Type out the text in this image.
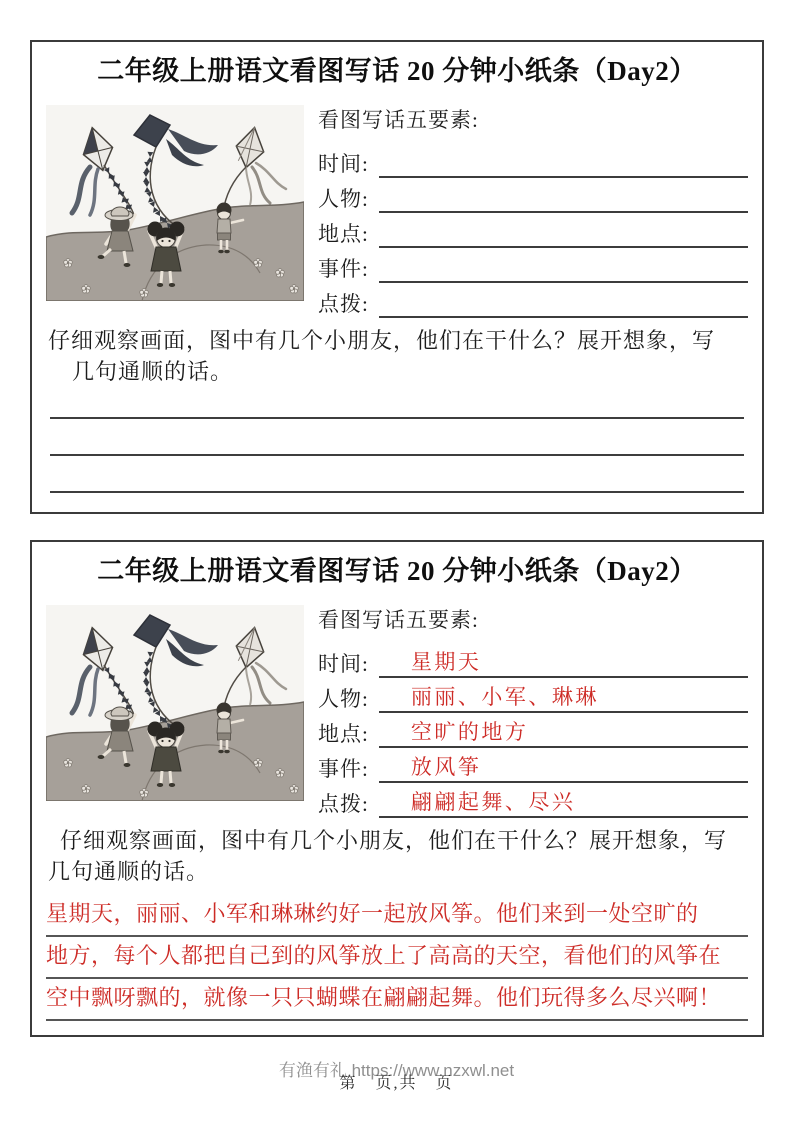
二年级上册语文看图写话 20 分钟小纸条（Day2）
看图写话五要素:
时间:
人物:
地点:
事件:
点拨:
仔细观察画面，图中有几个小朋友，他们在干什么？展开想象，写
几句通顺的话。
二年级上册语文看图写话 20 分钟小纸条（Day2）
看图写话五要素:
时间:	星期天
人物:	丽丽、小军、琳琳
地点:	空旷的地方
事件:	放风筝
点拨:	翩翩起舞、尽兴
仔细观察画面，图中有几个小朋友，他们在干什么？展开想象，写
几句通顺的话。
星期天，丽丽、小军和琳琳约好一起放风筝。他们来到一处空旷的
地方，每个人都把自己到的风筝放上了高高的天空，看他们的风筝在
空中飘呀飘的，就像一只只蝴蝶在翩翩起舞。他们玩得多么尽兴啊！
有渔有礼 https://www.nzxwl.net
第　页,共　页
